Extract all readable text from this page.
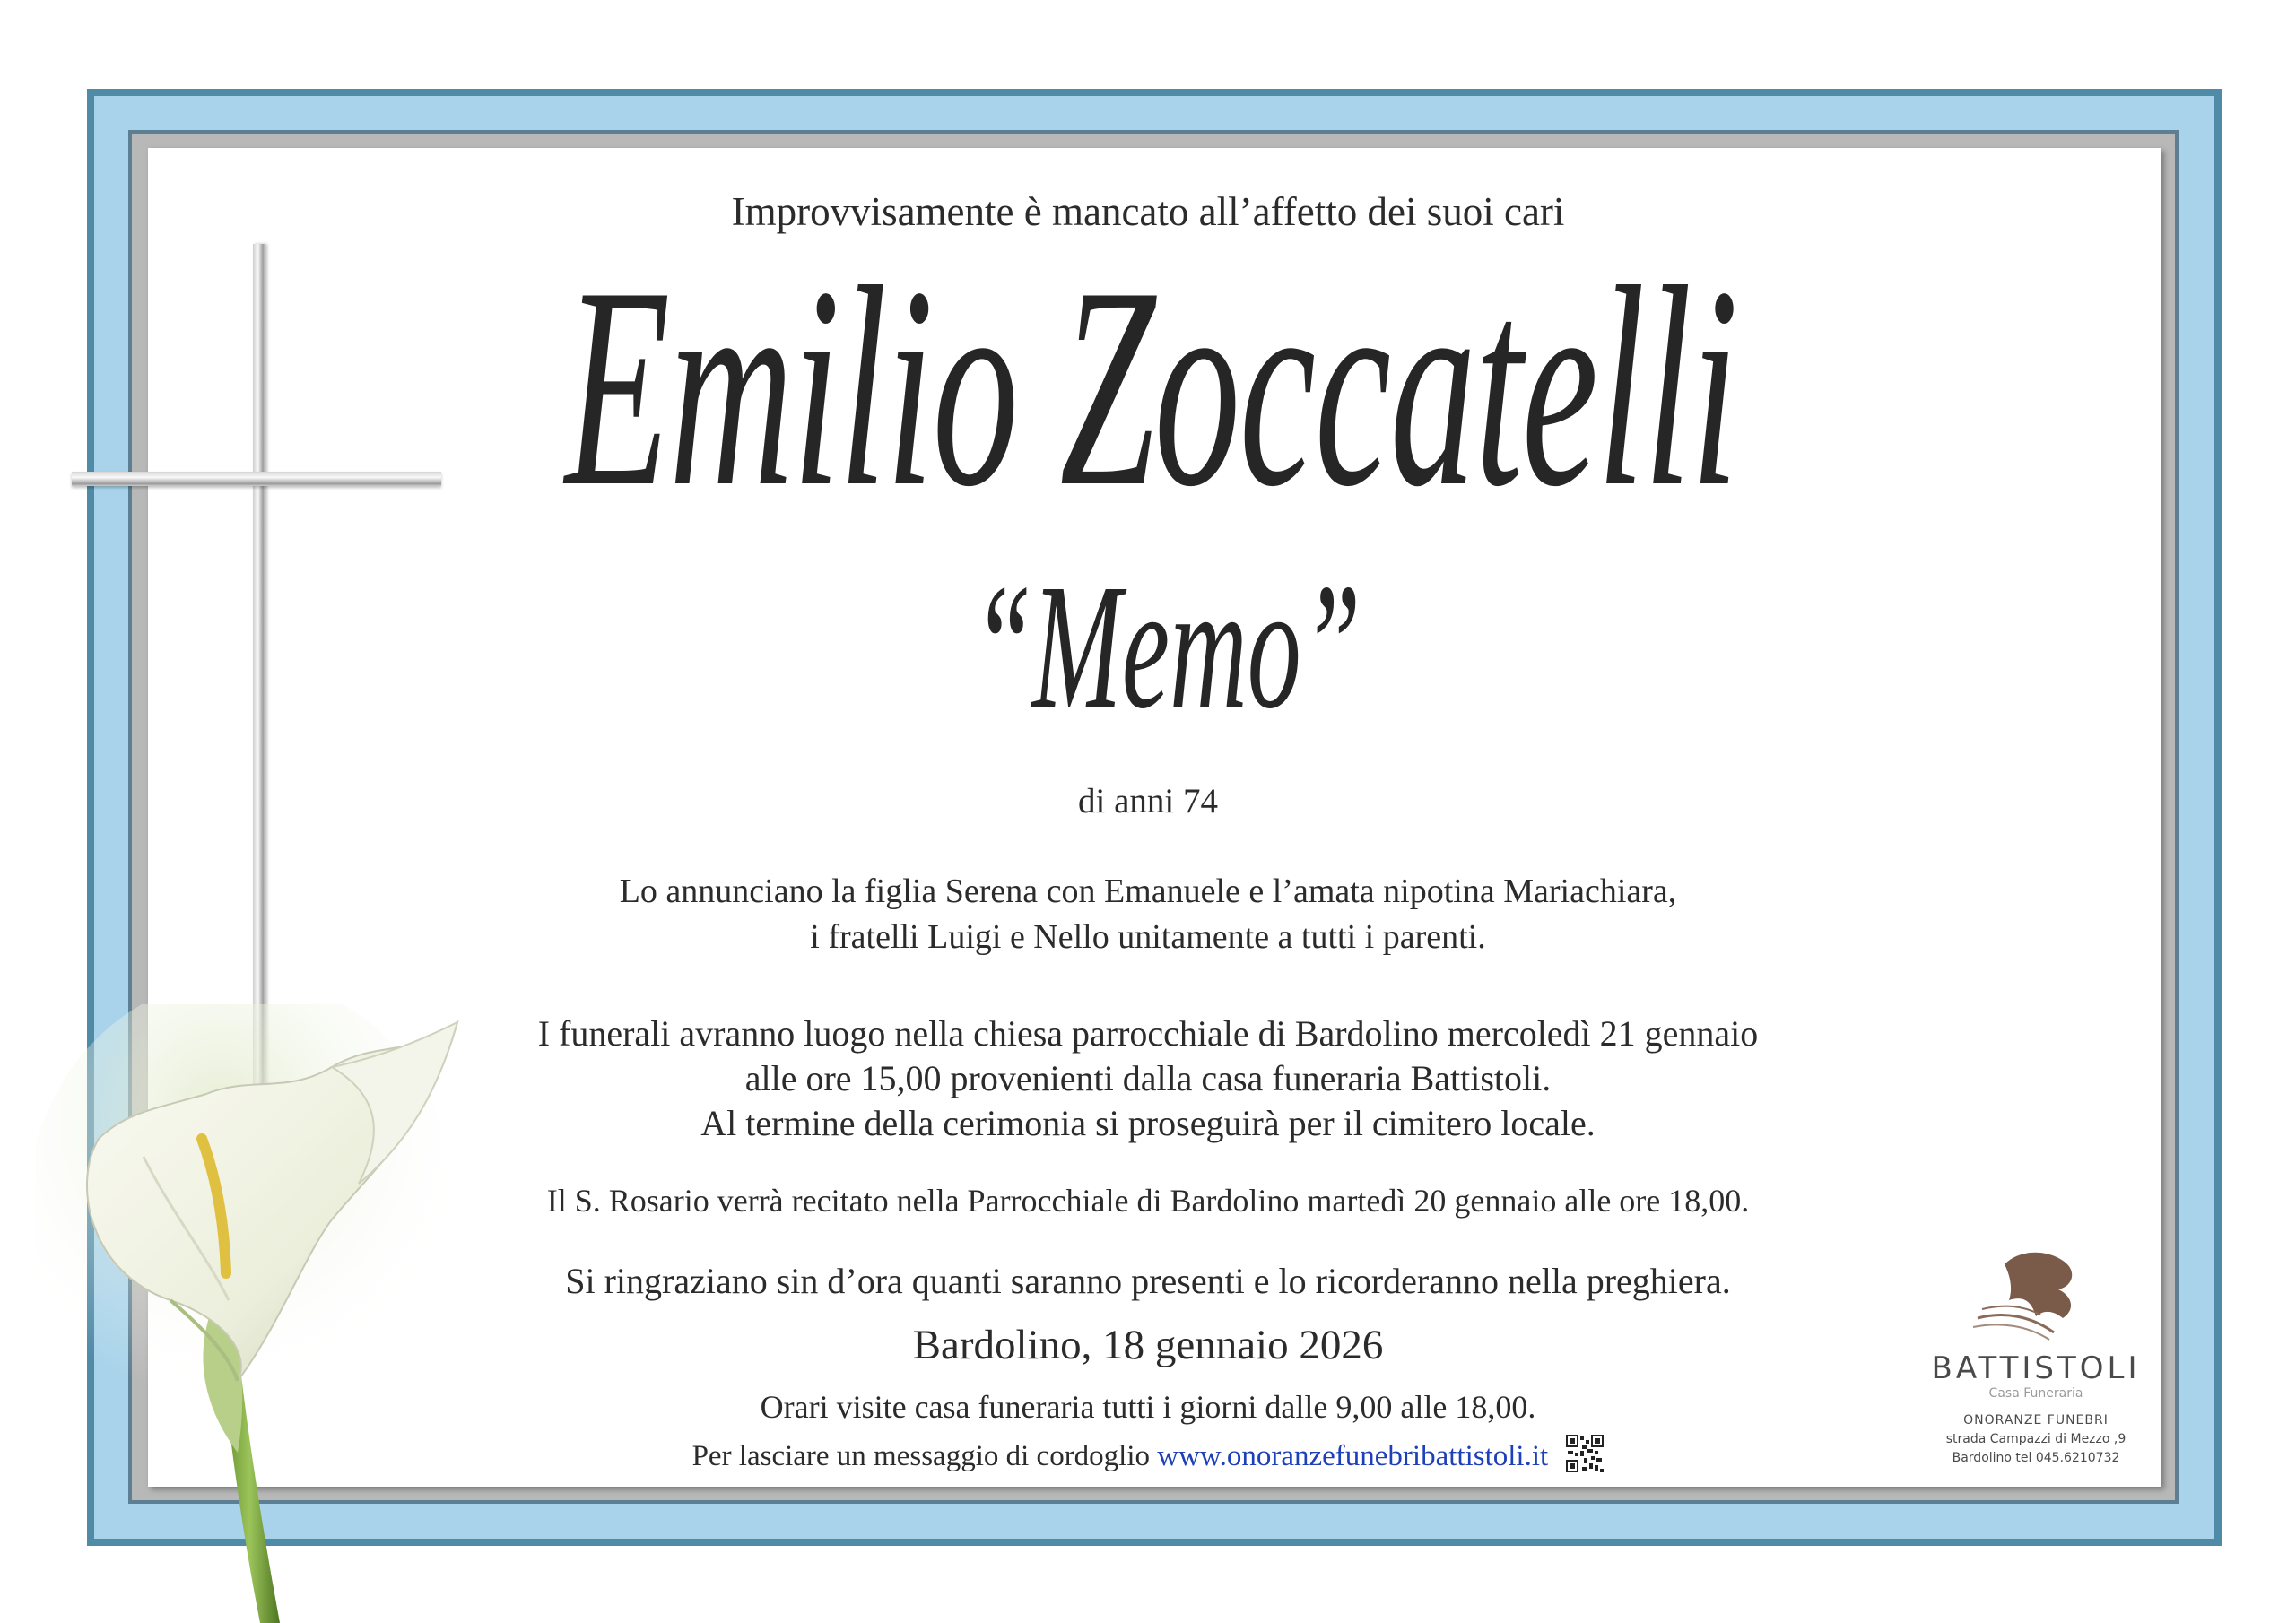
Improvvisamente è mancato all’affetto dei suoi cari
Emilio Zoccatelli
“Memo”
di anni 74
Lo annunciano la figlia Serena con Emanuele e l’amata nipotina Mariachiara,
i fratelli Luigi e Nello unitamente a tutti i parenti.
I funerali avranno luogo nella chiesa parrocchiale di Bardolino mercoledì 21 gennaio
alle ore 15,00 provenienti dalla casa funeraria Battistoli.
Al termine della cerimonia si proseguirà per il cimitero locale.
Il S. Rosario verrà recitato nella Parrocchiale di Bardolino martedì 20 gennaio alle ore 18,00.
Si ringraziano sin d’ora quanti saranno presenti e lo ricorderanno nella preghiera.
Bardolino, 18 gennaio 2026
Orari visite casa funeraria tutti i giorni dalle 9,00 alle 18,00.
Per lasciare un messaggio di cordoglio www.onoranzefunebribattistoli.it
BATTISTOLI
Casa Funeraria
ONORANZE FUNEBRI
strada Campazzi di Mezzo ,9
Bardolino tel 045.6210732
